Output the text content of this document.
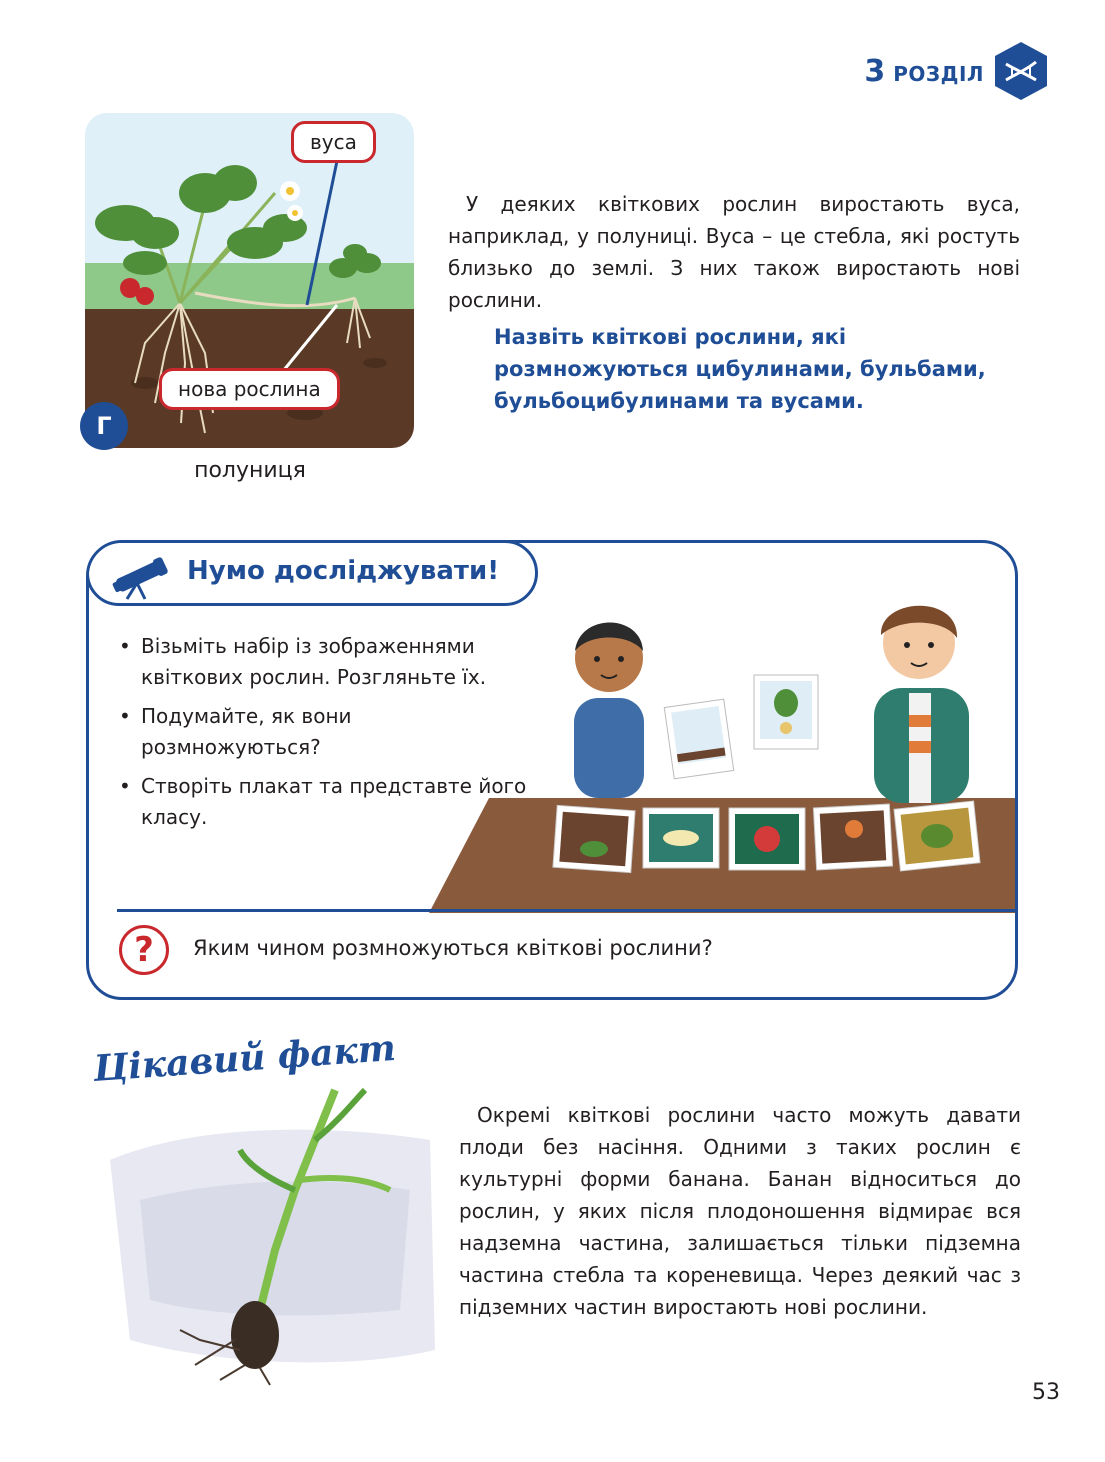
3 РОЗДІЛ
вуса
нова рослина
Г
полуниця
У деяких квіткових рослин виростають вуса, наприклад, у полуниці. Вуса – це стебла, які ростуть близько до землі. З них також виростають нові рослини.
Назвіть квіткові рослини, які розмножуються цибулинами, бульбами, бульбоцибулинами та вусами.
Нумо досліджувати!
• Візьміть набір із зображеннями квіткових рослин. Розгляньте їх.
• Подумайте, як вони розмножуються?
• Створіть плакат та представте його класу.
?	Яким чином розмножуються квіткові рослини?
Цікавий факт
Окремі квіткові рослини часто можуть давати плоди без насіння. Одними з таких рослин є культурні форми банана. Банан відноситься до рослин, у яких після плодоношення відмирає вся надземна частина, залишається тільки підземна частина стебла та кореневища. Через деякий час з підземних частин виростають нові рослини.
53
